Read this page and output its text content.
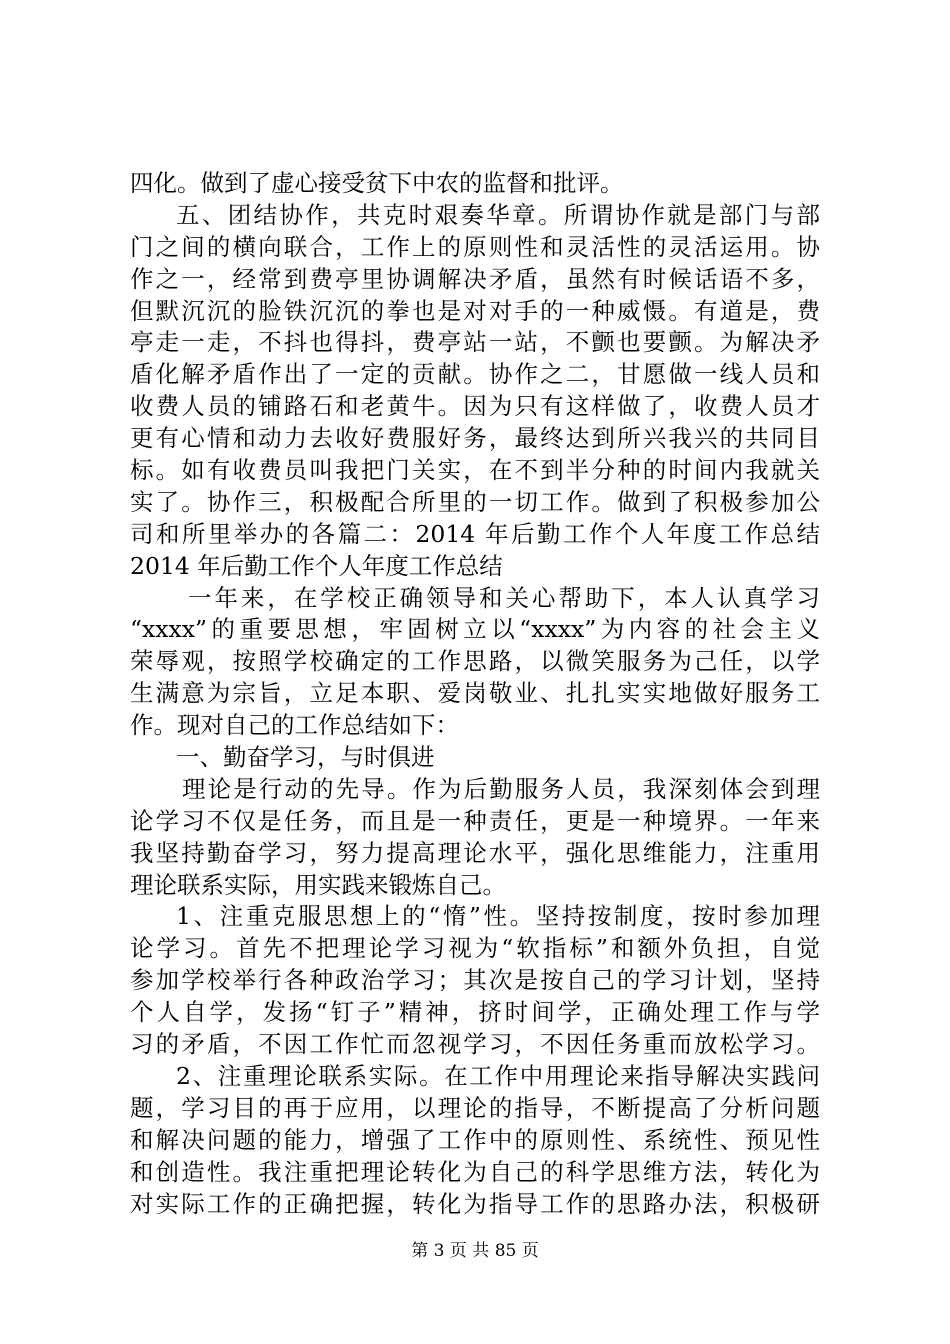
四化。做到了虚心接受贫下中农的监督和批评。
五、团结协作，共克时艰奏华章。所谓协作就是部门与部
门之间的横向联合，工作上的原则性和灵活性的灵活运用。协
作之一，经常到费亭里协调解决矛盾，虽然有时候话语不多，
但默沉沉的脸铁沉沉的拳也是对对手的一种威慑。有道是，费
亭走一走，不抖也得抖，费亭站一站，不颤也要颤。为解决矛
盾化解矛盾作出了一定的贡献。协作之二，甘愿做一线人员和
收费人员的铺路石和老黄牛。因为只有这样做了，收费人员才
更有心情和动力去收好费服好务，最终达到所兴我兴的共同目
标。如有收费员叫我把门关实，在不到半分种的时间内我就关
实了。协作三，积极配合所里的一切工作。做到了积极参加公
司和所里举办的各篇二：2014 年后勤工作个人年度工作总结
2014 年后勤工作个人年度工作总结
一年来，在学校正确领导和关心帮助下，本人认真学习
“xxxx”的重要思想，牢固树立以“xxxx”为内容的社会主义
荣辱观，按照学校确定的工作思路，以微笑服务为己任，以学
生满意为宗旨，立足本职、爱岗敬业、扎扎实实地做好服务工
作。现对自己的工作总结如下：
一、勤奋学习，与时俱进
理论是行动的先导。作为后勤服务人员，我深刻体会到理
论学习不仅是任务，而且是一种责任，更是一种境界。一年来
我坚持勤奋学习，努力提高理论水平，强化思维能力，注重用
理论联系实际，用实践来锻炼自己。
1、注重克服思想上的“惰”性。坚持按制度，按时参加理
论学习。首先不把理论学习视为“软指标”和额外负担，自觉
参加学校举行各种政治学习；其次是按自己的学习计划，坚持
个人自学，发扬“钉子”精神，挤时间学，正确处理工作与学
习的矛盾，不因工作忙而忽视学习，不因任务重而放松学习。
2、注重理论联系实际。在工作中用理论来指导解决实践问
题，学习目的再于应用，以理论的指导，不断提高了分析问题
和解决问题的能力，增强了工作中的原则性、系统性、预见性
和创造性。我注重把理论转化为自己的科学思维方法，转化为
对实际工作的正确把握，转化为指导工作的思路办法，积极研
第 3 页 共 85 页
